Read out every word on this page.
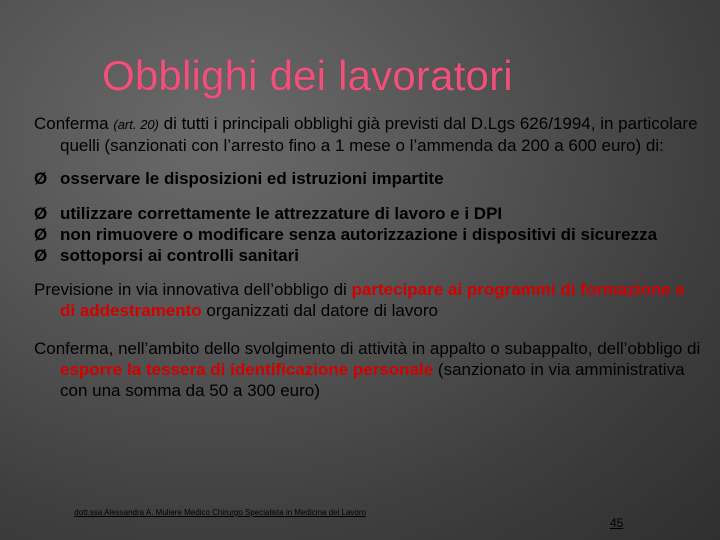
Obblighi dei lavoratori

Conferma (art. 20) di tutti i principali obblighi già previsti dal D.Lgs 626/1994, in particolare quelli (sanzionati con l’arresto fino a 1 mese o l’ammenda da 200 a 600 euro) di:

Ø osservare le disposizioni ed istruzioni impartite
Ø utilizzare correttamente le attrezzature di lavoro e i DPI
Ø non rimuovere o modificare senza autorizzazione i dispositivi di sicurezza
Ø sottoporsi ai controlli sanitari

Previsione in via innovativa dell’obbligo di partecipare ai programmi di formazione e di addestramento organizzati dal datore di lavoro

Conferma, nell’ambito dello svolgimento di attività in appalto o subappalto, dell’obbligo di esporre la tessera di identificazione personale (sanzionato in via amministrativa con una somma da 50 a 300 euro)

dott.ssa Alessandra A. Muliere Medico Chirurgo Specialista in Medicina del Lavoro
45
